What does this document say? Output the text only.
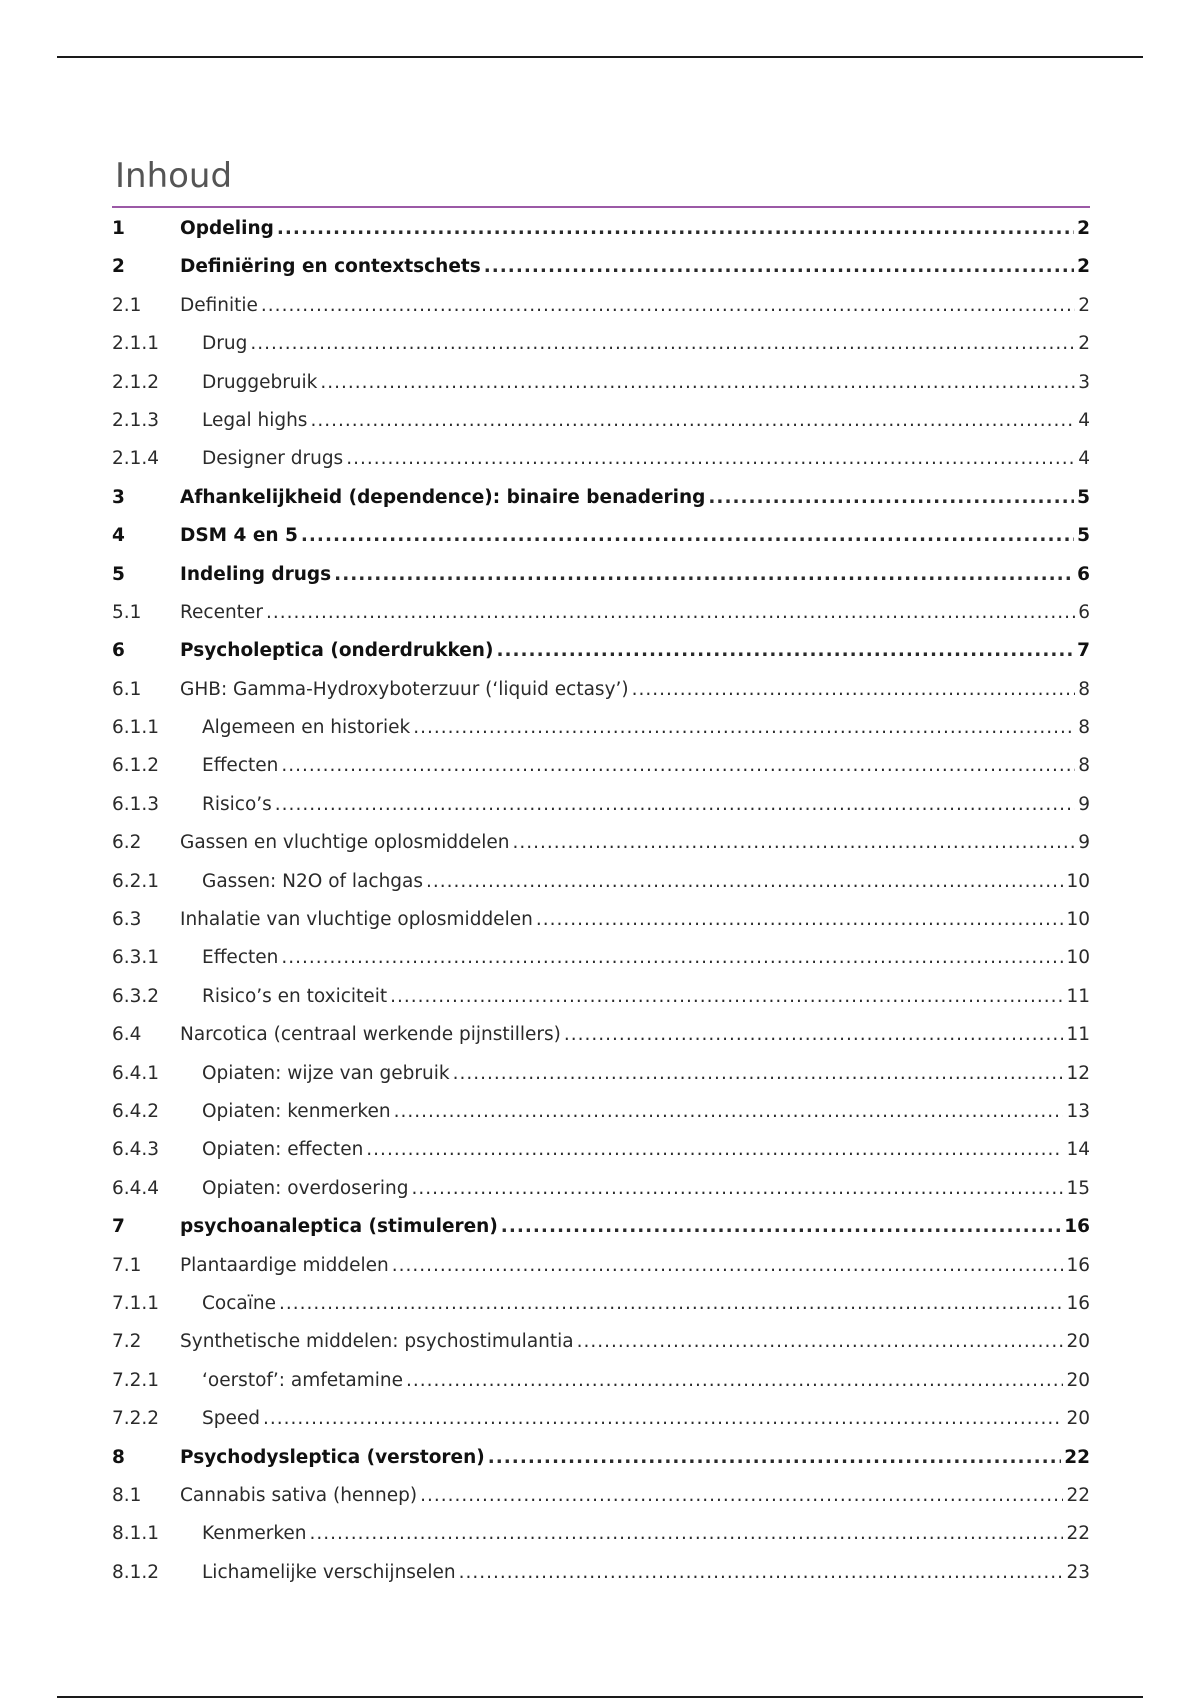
Inhoud
1	Opdeling .....	2
2	Definiëring en contextschets .....	2
2.1	Definitie .....	2
2.1.1	Drug .....	2
2.1.2	Druggebruik .....	3
2.1.3	Legal highs .....	4
2.1.4	Designer drugs .....	4
3	Afhankelijkheid (dependence): binaire benadering .....	5
4	DSM 4 en 5 .....	5
5	Indeling drugs .....	6
5.1	Recenter .....	6
6	Psycholeptica (onderdrukken) .....	7
6.1	GHB: Gamma-Hydroxyboterzuur (‘liquid ectasy’) .....	8
6.1.1	Algemeen en historiek .....	8
6.1.2	Effecten .....	8
6.1.3	Risico’s .....	9
6.2	Gassen en vluchtige oplosmiddelen .....	9
6.2.1	Gassen: N2O of lachgas .....	10
6.3	Inhalatie van vluchtige oplosmiddelen .....	10
6.3.1	Effecten .....	10
6.3.2	Risico’s en toxiciteit .....	11
6.4	Narcotica (centraal werkende pijnstillers) .....	11
6.4.1	Opiaten: wijze van gebruik .....	12
6.4.2	Opiaten: kenmerken .....	13
6.4.3	Opiaten: effecten .....	14
6.4.4	Opiaten: overdosering .....	15
7	psychoanaleptica (stimuleren) .....	16
7.1	Plantaardige middelen .....	16
7.1.1	Cocaïne .....	16
7.2	Synthetische middelen: psychostimulantia .....	20
7.2.1	‘oerstof’: amfetamine .....	20
7.2.2	Speed .....	20
8	Psychodysleptica (verstoren) .....	22
8.1	Cannabis sativa (hennep) .....	22
8.1.1	Kenmerken .....	22
8.1.2	Lichamelijke verschijnselen .....	23
